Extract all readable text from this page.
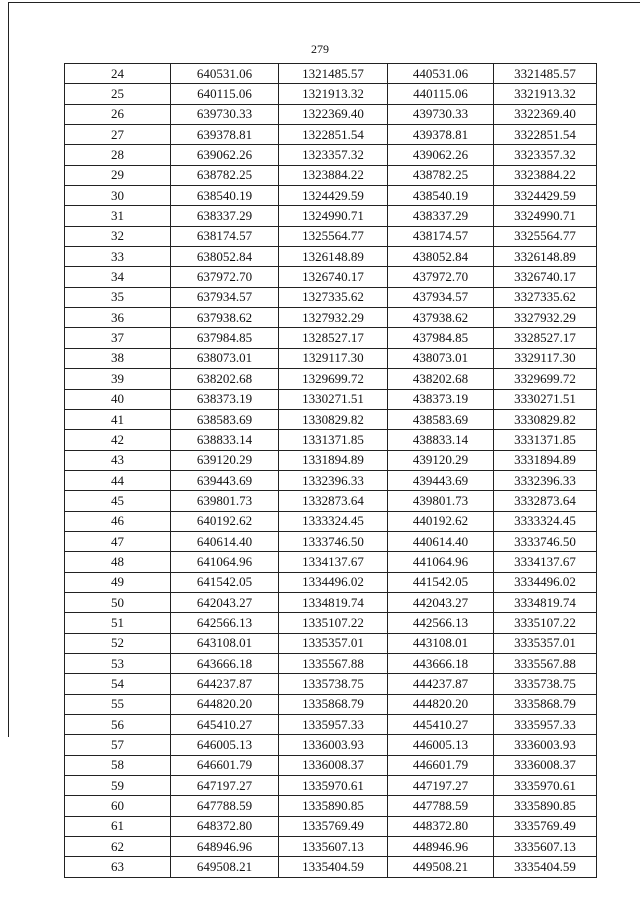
279
24	640531.06	1321485.57	440531.06	3321485.57
25	640115.06	1321913.32	440115.06	3321913.32
26	639730.33	1322369.40	439730.33	3322369.40
27	639378.81	1322851.54	439378.81	3322851.54
28	639062.26	1323357.32	439062.26	3323357.32
29	638782.25	1323884.22	438782.25	3323884.22
30	638540.19	1324429.59	438540.19	3324429.59
31	638337.29	1324990.71	438337.29	3324990.71
32	638174.57	1325564.77	438174.57	3325564.77
33	638052.84	1326148.89	438052.84	3326148.89
34	637972.70	1326740.17	437972.70	3326740.17
35	637934.57	1327335.62	437934.57	3327335.62
36	637938.62	1327932.29	437938.62	3327932.29
37	637984.85	1328527.17	437984.85	3328527.17
38	638073.01	1329117.30	438073.01	3329117.30
39	638202.68	1329699.72	438202.68	3329699.72
40	638373.19	1330271.51	438373.19	3330271.51
41	638583.69	1330829.82	438583.69	3330829.82
42	638833.14	1331371.85	438833.14	3331371.85
43	639120.29	1331894.89	439120.29	3331894.89
44	639443.69	1332396.33	439443.69	3332396.33
45	639801.73	1332873.64	439801.73	3332873.64
46	640192.62	1333324.45	440192.62	3333324.45
47	640614.40	1333746.50	440614.40	3333746.50
48	641064.96	1334137.67	441064.96	3334137.67
49	641542.05	1334496.02	441542.05	3334496.02
50	642043.27	1334819.74	442043.27	3334819.74
51	642566.13	1335107.22	442566.13	3335107.22
52	643108.01	1335357.01	443108.01	3335357.01
53	643666.18	1335567.88	443666.18	3335567.88
54	644237.87	1335738.75	444237.87	3335738.75
55	644820.20	1335868.79	444820.20	3335868.79
56	645410.27	1335957.33	445410.27	3335957.33
57	646005.13	1336003.93	446005.13	3336003.93
58	646601.79	1336008.37	446601.79	3336008.37
59	647197.27	1335970.61	447197.27	3335970.61
60	647788.59	1335890.85	447788.59	3335890.85
61	648372.80	1335769.49	448372.80	3335769.49
62	648946.96	1335607.13	448946.96	3335607.13
63	649508.21	1335404.59	449508.21	3335404.59
